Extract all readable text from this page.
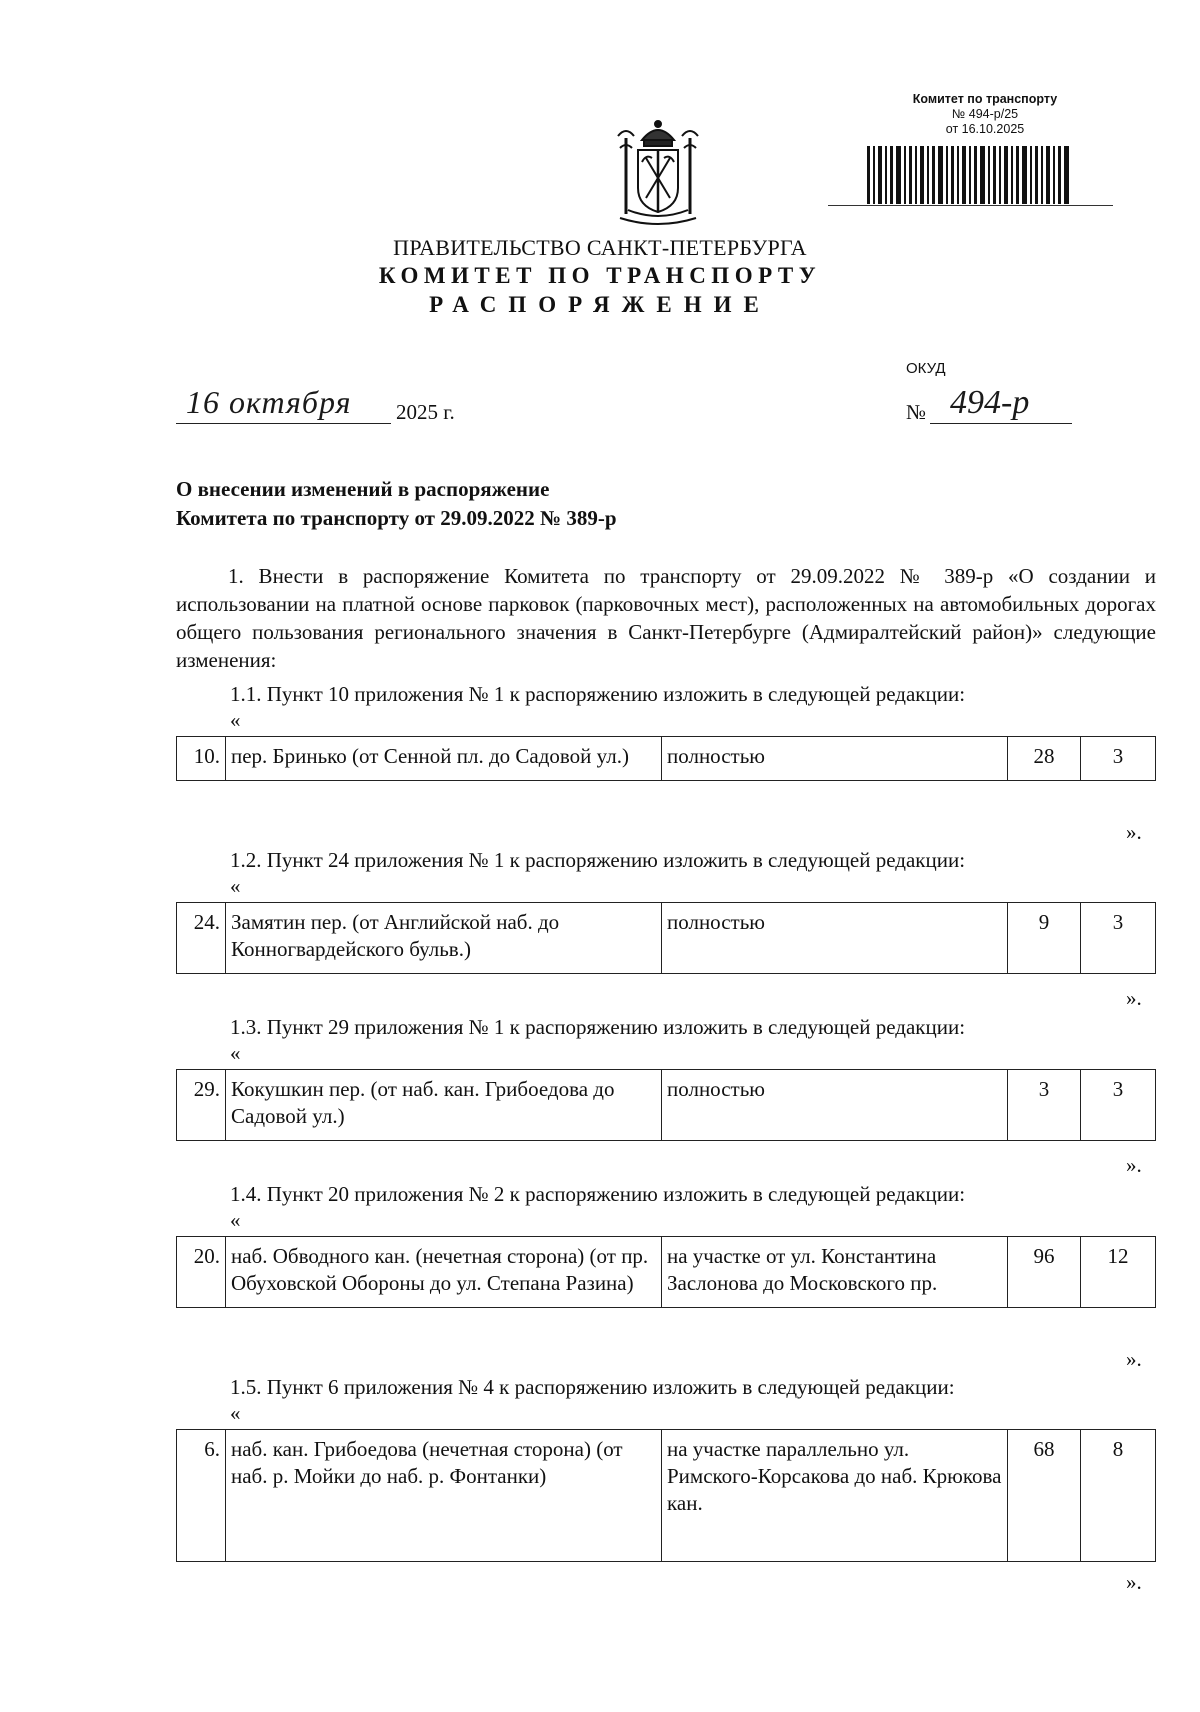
Комитет по транспорту
№ 494-р/25
от 16.10.2025
ПРАВИТЕЛЬСТВО САНКТ-ПЕТЕРБУРГА
КОМИТЕТ ПО ТРАНСПОРТУ
РАСПОРЯЖЕНИЕ
ОКУД
№ 494-р
16 октября 2025 г.
О внесении изменений в распоряжение
Комитета по транспорту от 29.09.2022 № 389-р
1. Внести в распоряжение Комитета по транспорту от 29.09.2022 № 389-р «О создании и использовании на платной основе парковок (парковочных мест), расположенных на автомобильных дорогах общего пользования регионального значения в Санкт-Петербурге (Адмиралтейский район)» следующие изменения:
1.1. Пункт 10 приложения № 1 к распоряжению изложить в следующей редакции:
«
10.	пер. Бринько (от Сенной пл. до Садовой ул.)	полностью	28	3
».
1.2. Пункт 24 приложения № 1 к распоряжению изложить в следующей редакции:
«
24.	Замятин пер. (от Английской наб. до Конногвардейского бульв.)	полностью	9	3
».
1.3. Пункт 29 приложения № 1 к распоряжению изложить в следующей редакции:
«
29.	Кокушкин пер. (от наб. кан. Грибоедова до Садовой ул.)	полностью	3	3
».
1.4. Пункт 20 приложения № 2 к распоряжению изложить в следующей редакции:
«
20.	наб. Обводного кан. (нечетная сторона) (от пр. Обуховской Обороны до ул. Степана Разина)	на участке от ул. Константина Заслонова до Московского пр.	96	12
».
1.5. Пункт 6 приложения № 4 к распоряжению изложить в следующей редакции:
«
6.	наб. кан. Грибоедова (нечетная сторона) (от наб. р. Мойки до наб. р. Фонтанки)	на участке параллельно ул. Римского-Корсакова до наб. Крюкова кан.	68	8
».
